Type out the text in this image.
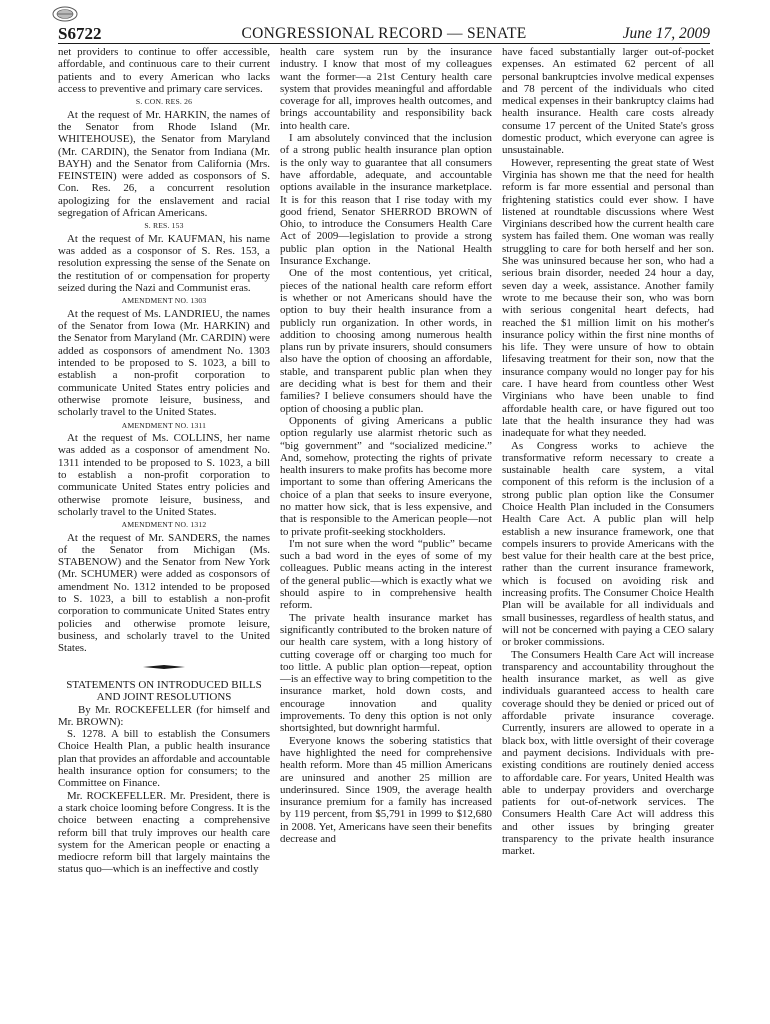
S6722	CONGRESSIONAL RECORD — SENATE	June 17, 2009

net providers to continue to offer accessible, affordable, and continuous care to their current patients and to every American who lacks access to preventive and primary care services.

S. CON. RES. 26

At the request of Mr. HARKIN, the names of the Senator from Rhode Island (Mr. WHITEHOUSE), the Senator from Maryland (Mr. CARDIN), the Senator from Indiana (Mr. BAYH) and the Senator from California (Mrs. FEINSTEIN) were added as cosponsors of S. Con. Res. 26, a concurrent resolution apologizing for the enslavement and racial segregation of African Americans.

S. RES. 153

At the request of Mr. KAUFMAN, his name was added as a cosponsor of S. Res. 153, a resolution expressing the sense of the Senate on the restitution of or compensation for property seized during the Nazi and Communist eras.

AMENDMENT NO. 1303

At the request of Ms. LANDRIEU, the names of the Senator from Iowa (Mr. HARKIN) and the Senator from Maryland (Mr. CARDIN) were added as cosponsors of amendment No. 1303 intended to be proposed to S. 1023, a bill to establish a non-profit corporation to communicate United States entry policies and otherwise promote leisure, business, and scholarly travel to the United States.

AMENDMENT NO. 1311

At the request of Ms. COLLINS, her name was added as a cosponsor of amendment No. 1311 intended to be proposed to S. 1023, a bill to establish a non-profit corporation to communicate United States entry policies and otherwise promote leisure, business, and scholarly travel to the United States.

AMENDMENT NO. 1312

At the request of Mr. SANDERS, the names of the Senator from Michigan (Ms. STABENOW) and the Senator from New York (Mr. SCHUMER) were added as cosponsors of amendment No. 1312 intended to be proposed to S. 1023, a bill to establish a non-profit corporation to communicate United States entry policies and otherwise promote leisure, business, and scholarly travel to the United States.

STATEMENTS ON INTRODUCED BILLS AND JOINT RESOLUTIONS

By Mr. ROCKEFELLER (for himself and Mr. BROWN):

S. 1278. A bill to establish the Consumers Choice Health Plan, a public health insurance plan that provides an affordable and accountable health insurance option for consumers; to the Committee on Finance.

Mr. ROCKEFELLER. Mr. President, there is a stark choice looming before Congress. It is the choice between enacting a comprehensive reform bill that truly improves our health care system for the American people or enacting a mediocre reform bill that largely maintains the status quo—which is an ineffective and costly

health care system run by the insurance industry. I know that most of my colleagues want the former—a 21st Century health care system that provides meaningful and affordable coverage for all, improves health outcomes, and brings accountability and responsibility back into health care.

I am absolutely convinced that the inclusion of a strong public health insurance plan option is the only way to guarantee that all consumers have affordable, adequate, and accountable options available in the insurance marketplace. It is for this reason that I rise today with my good friend, Senator SHERROD BROWN of Ohio, to introduce the Consumers Health Care Act of 2009—legislation to provide a strong public plan option in the National Health Insurance Exchange.

One of the most contentious, yet critical, pieces of the national health care reform effort is whether or not Americans should have the option to buy their health insurance from a publicly run organization. In other words, in addition to choosing among numerous health plans run by private insurers, should consumers also have the option of choosing an affordable, stable, and transparent public plan when they are deciding what is best for them and their families? I believe consumers should have the option of choosing a public plan.

Opponents of giving Americans a public option regularly use alarmist rhetoric such as “big government” and “socialized medicine.” And, somehow, protecting the rights of private health insurers to make profits has become more important to some than offering Americans the choice of a plan that seeks to insure everyone, no matter how sick, that is less expensive, and that is responsible to the American people—not to private profit-seeking stockholders.

I'm not sure when the word “public” became such a bad word in the eyes of some of my colleagues. Public means acting in the interest of the general public—which is exactly what we should aspire to in comprehensive health reform.

The private health insurance market has significantly contributed to the broken nature of our health care system, with a long history of cutting coverage off or charging too much for too little. A public plan option—repeat, option—is an effective way to bring competition to the insurance market, hold down costs, and encourage innovation and quality improvements. To deny this option is not only shortsighted, but downright harmful.

Everyone knows the sobering statistics that have highlighted the need for comprehensive health reform. More than 45 million Americans are uninsured and another 25 million are underinsured. Since 1909, the average health insurance premium for a family has increased by 119 percent, from $5,791 in 1999 to $12,680 in 2008. Yet, Americans have seen their benefits decrease and

have faced substantially larger out-of-pocket expenses. An estimated 62 percent of all personal bankruptcies involve medical expenses and 78 percent of the individuals who cited medical expenses in their bankruptcy claims had health insurance. Health care costs already consume 17 percent of the United State's gross domestic product, which everyone can agree is unsustainable.

However, representing the great state of West Virginia has shown me that the need for health reform is far more essential and personal than frightening statistics could ever show. I have listened at roundtable discussions where West Virginians described how the current health care system has failed them. One woman was really struggling to care for both herself and her son. She was uninsured because her son, who had a serious brain disorder, needed 24 hour a day, seven day a week, assistance. Another family wrote to me because their son, who was born with serious congenital heart defects, had reached the $1 million limit on his mother's insurance policy within the first nine months of his life. They were unsure of how to obtain lifesaving treatment for their son, now that the insurance company would no longer pay for his care. I have heard from countless other West Virginians who have been unable to find affordable health care, or have figured out too late that the health insurance they had was inadequate for what they needed.

As Congress works to achieve the transformative reform necessary to create a sustainable health care system, a vital component of this reform is the inclusion of a strong public plan option like the Consumer Choice Health Plan included in the Consumers Health Care Act. A public plan will help establish a new insurance framework, one that compels insurers to provide Americans with the best value for their health care at the best price, rather than the current insurance framework, which is focused on avoiding risk and increasing profits. The Consumer Choice Health Plan will be available for all individuals and small businesses, regardless of health status, and will not be concerned with paying a CEO salary or broker commissions.

The Consumers Health Care Act will increase transparency and accountability throughout the health insurance market, as well as give individuals guaranteed access to health care coverage should they be denied or priced out of affordable private insurance coverage. Currently, insurers are allowed to operate in a black box, with little oversight of their coverage and payment decisions. Individuals with pre-existing conditions are routinely denied access to affordable care. For years, United Health was able to underpay providers and overcharge patients for out-of-network services. The Consumers Health Care Act will address this and other issues by bringing greater transparency to the private health insurance market.
